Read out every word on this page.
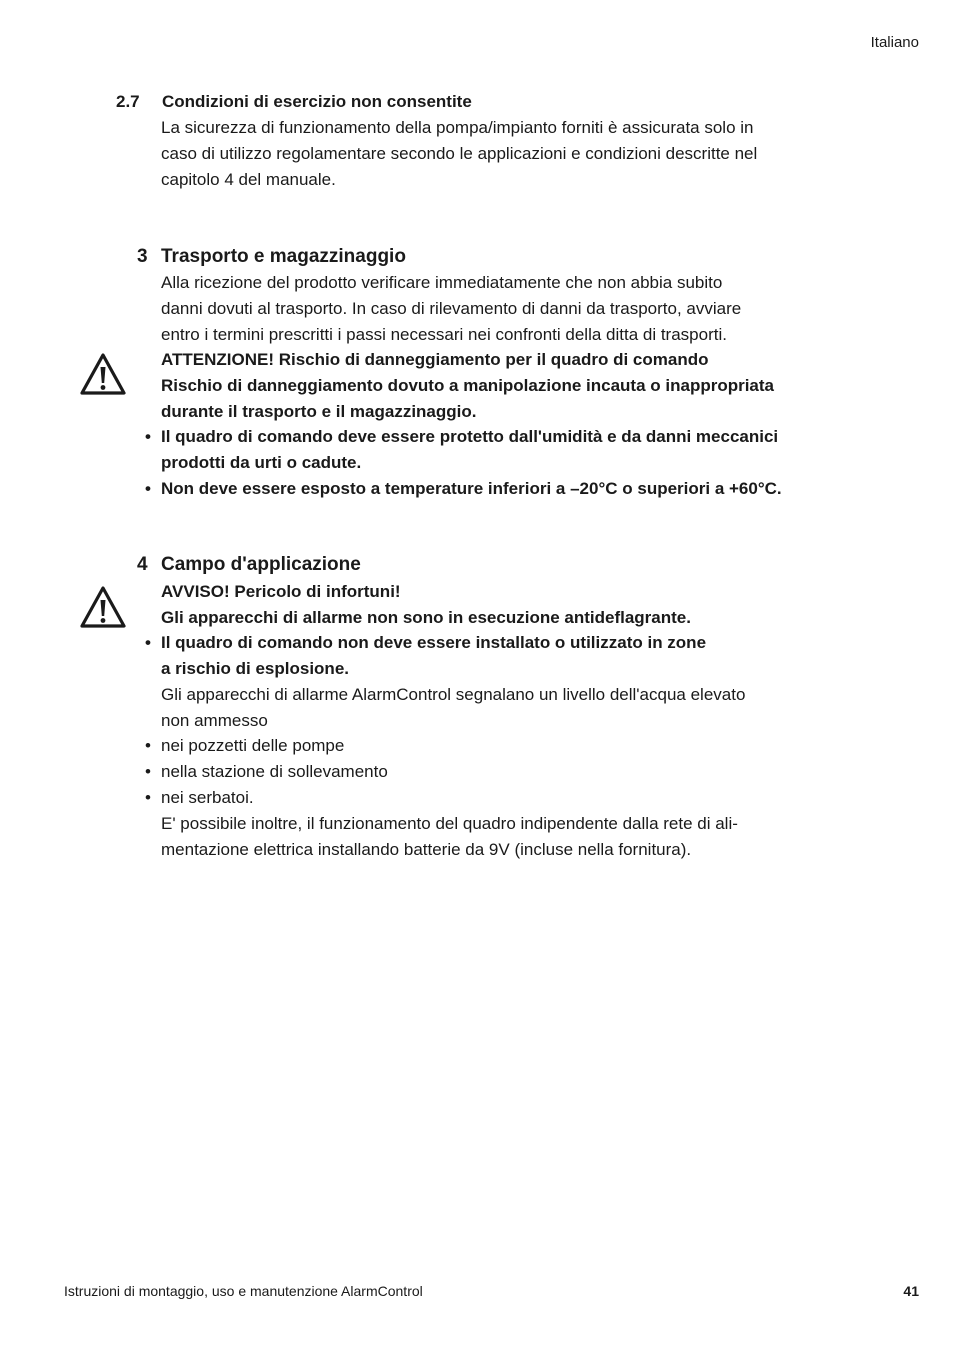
Italiano
2.7 Condizioni di esercizio non consentite
La sicurezza di funzionamento della pompa/impianto forniti è assicurata solo in
caso di utilizzo regolamentare secondo le applicazioni e condizioni descritte nel
capitolo 4 del manuale.
3 Trasporto e magazzinaggio
Alla ricezione del prodotto verificare immediatamente che non abbia subito
danni dovuti al trasporto. In caso di rilevamento di danni da trasporto, avviare
entro i termini prescritti i passi necessari nei confronti della ditta di trasporti.
ATTENZIONE! Rischio di danneggiamento per il quadro di comando
Rischio di danneggiamento dovuto a manipolazione incauta o inappropriata
durante il trasporto e il magazzinaggio.
• Il quadro di comando deve essere protetto dall'umidità e da danni meccanici
prodotti da urti o cadute.
• Non deve essere esposto a temperature inferiori a –20°C o superiori a +60°C.
4 Campo d'applicazione
AVVISO! Pericolo di infortuni!
Gli apparecchi di allarme non sono in esecuzione antideflagrante.
• Il quadro di comando non deve essere installato o utilizzato in zone
a rischio di esplosione.
Gli apparecchi di allarme AlarmControl segnalano un livello dell'acqua elevato
non ammesso
• nei pozzetti delle pompe
• nella stazione di sollevamento
• nei serbatoi.
E' possibile inoltre, il funzionamento del quadro indipendente dalla rete di ali-
mentazione elettrica installando batterie da 9V (incluse nella fornitura).
Istruzioni di montaggio, uso e manutenzione AlarmControl	41
